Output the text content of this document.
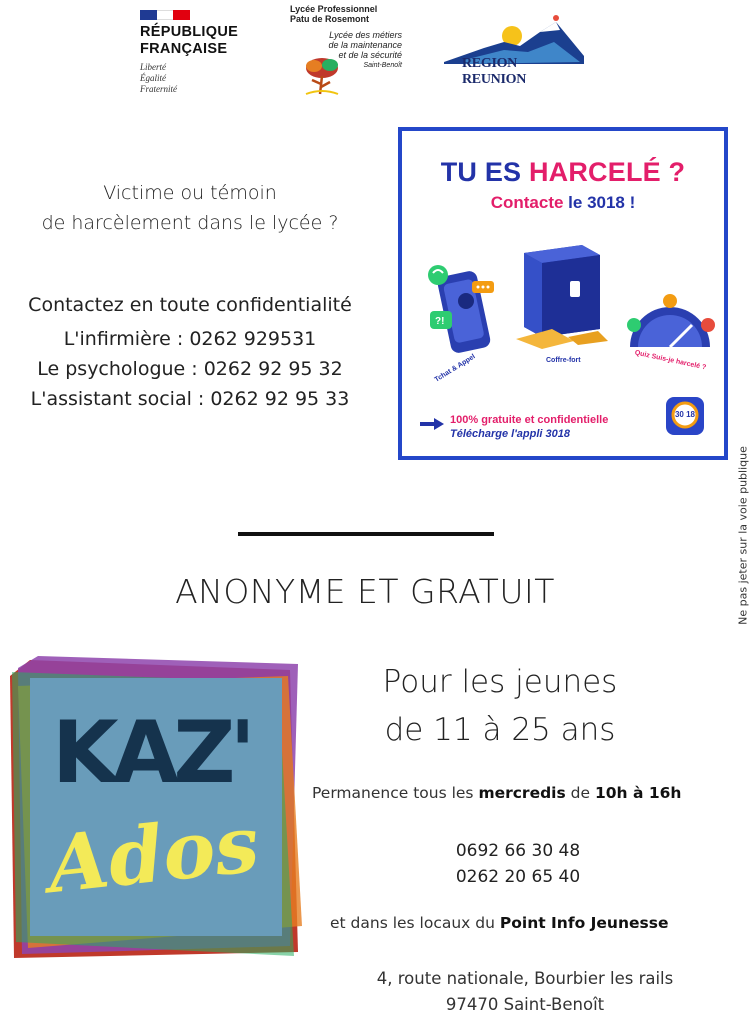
RÉPUBLIQUE
FRANÇAISE
Liberté
Égalité
Fraternité
Lycée Professionnel
Patu de Rosemont
Lycée des métiers
de la maintenance
et de la sécurité
Saint-Benoît	REGION REUNION
Victime ou témoin
de harcèlement dans le lycée ?
Contactez en toute confidentialité
L'infirmière : 0262 929531
Le psychologue : 0262 92 95 32
L'assistant social : 0262 92 95 33
TU ES HARCELÉ ?
Contacte le 3018 !
?!
Tchat & Appel	Coffre-fort	Quiz Suis-je harcelé ?
100% gratuite et confidentielle
Télécharge l'appli 3018
30 18
Ne pas jeter sur la voie publique
ANONYME ET GRATUIT
KAZ'
Ados
Pour les jeunes
de 11 à 25 ans
Permanence tous les mercredis de 10h à 16h
0692 66 30 48
0262 20 65 40
et dans les locaux du Point Info Jeunesse
4, route nationale, Bourbier les rails
97470 Saint-Benoît
